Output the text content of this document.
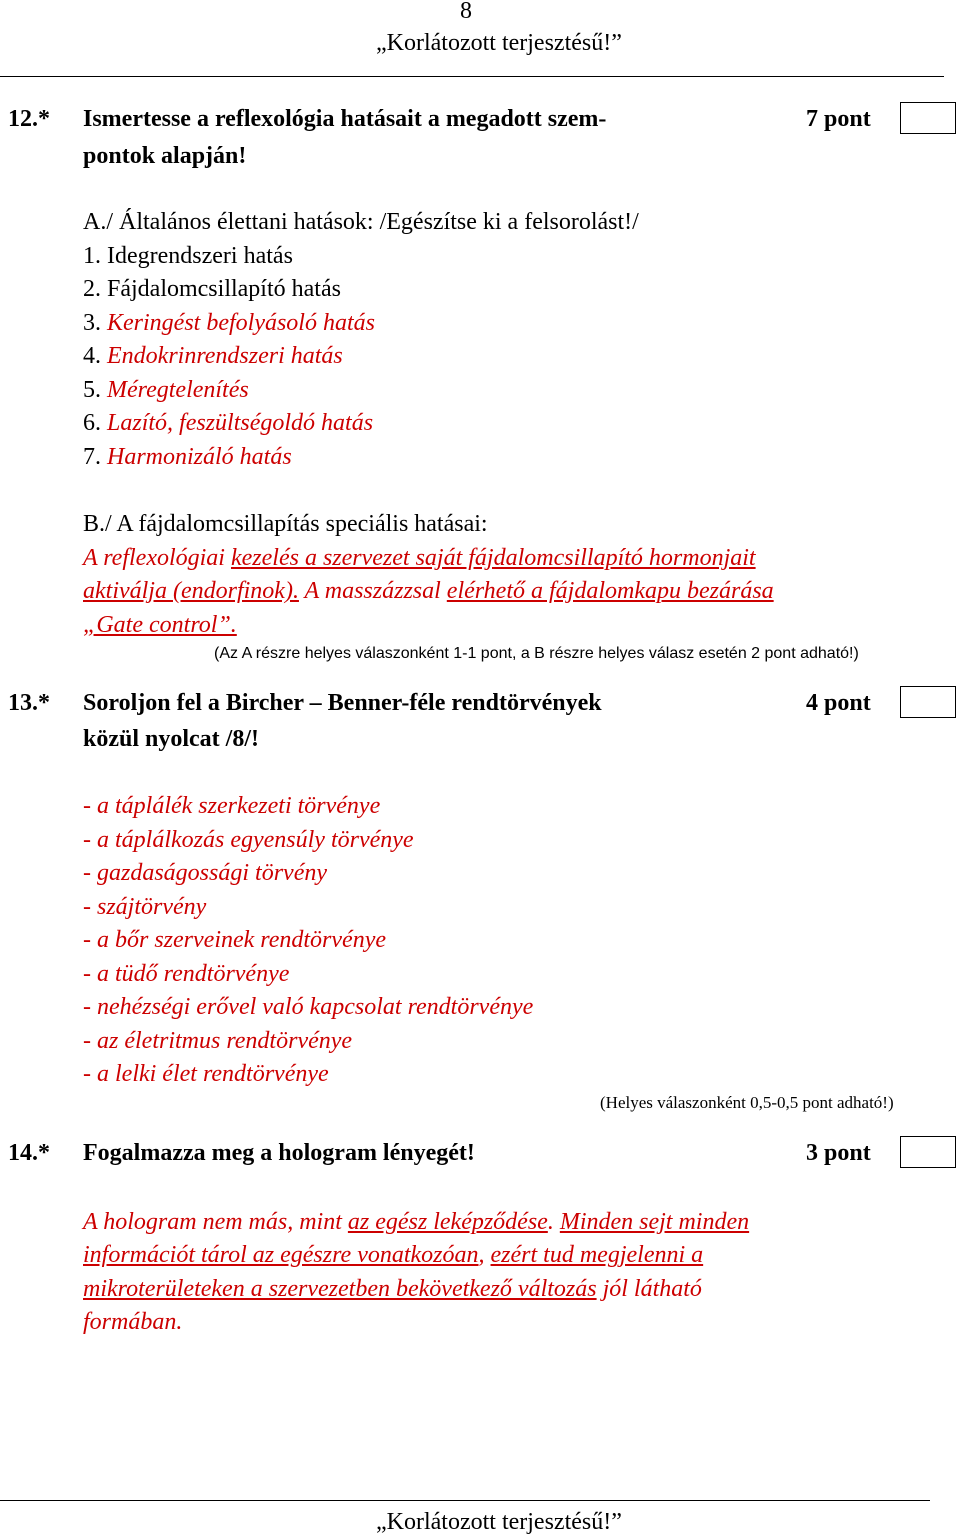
8
„Korlátozott terjesztésű!”
12.* Ismertesse a reflexológia hatásait a megadott szem-
pontok alapján!
7 pont
A./ Általános élettani hatások: /Egészítse ki a felsorolást!/
1. Idegrendszeri hatás
2. Fájdalomcsillapító hatás
3. Keringést befolyásoló hatás
4. Endokrinrendszeri hatás
5. Méregtelenítés
6. Lazító, feszültségoldó hatás
7. Harmonizáló hatás
B./ A fájdalomcsillapítás speciális hatásai:
A reflexológiai kezelés a szervezet saját fájdalomcsillapító hormonjait
aktiválja (endorfinok). A masszázzsal elérhető a fájdalomkapu bezárása
„Gate control”.
(Az A részre helyes válaszonként 1-1 pont, a B részre helyes válasz esetén 2 pont adható!)
13.* Soroljon fel a Bircher – Benner-féle rendtörvények
közül nyolcat /8/!
4 pont
- a táplálék szerkezeti törvénye
- a táplálkozás egyensúly törvénye
- gazdaságossági törvény
- szájtörvény
- a bőr szerveinek rendtörvénye
- a tüdő rendtörvénye
- nehézségi erővel való kapcsolat rendtörvénye
- az életritmus rendtörvénye
- a lelki élet rendtörvénye
(Helyes válaszonként 0,5-0,5 pont adható!)
14.* Fogalmazza meg a hologram lényegét!	3 pont
A hologram nem más, mint az egész leképződése. Minden sejt minden
információt tárol az egészre vonatkozóan, ezért tud megjelenni a
mikroterületeken a szervezetben bekövetkező változás jól látható
formában.
„Korlátozott terjesztésű!”
